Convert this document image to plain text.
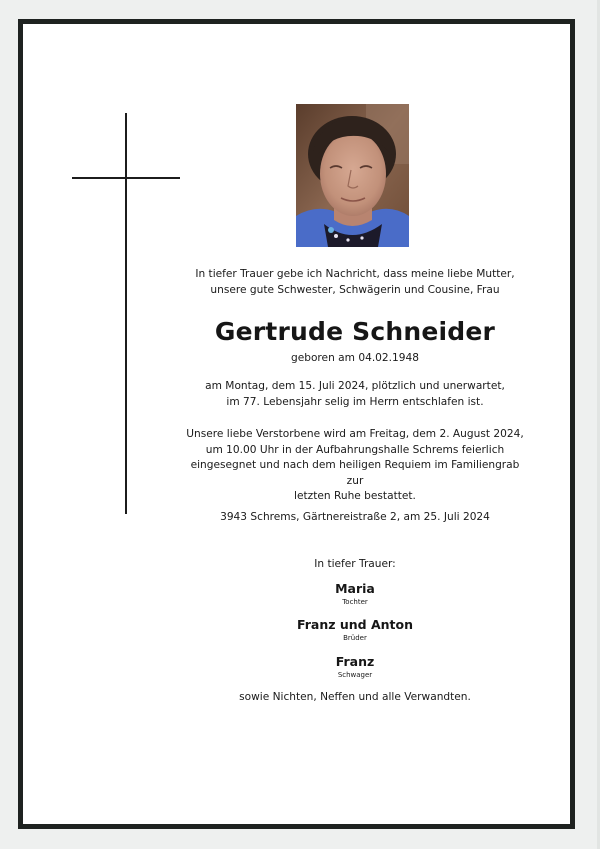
In tiefer Trauer gebe ich Nachricht, dass meine liebe Mutter,
unsere gute Schwester, Schwägerin und Cousine, Frau
Gertrude Schneider
geboren am 04.02.1948
am Montag, dem 15. Juli 2024, plötzlich und unerwartet,
im 77. Lebensjahr selig im Herrn entschlafen ist.
Unsere liebe Verstorbene wird am Freitag, dem 2. August 2024,
um 10.00 Uhr in der Aufbahrungshalle Schrems feierlich
eingesegnet und nach dem heiligen Requiem im Familiengrab zur
letzten Ruhe bestattet.
3943 Schrems, Gärtnereistraße 2, am 25. Juli 2024
In tiefer Trauer:
Maria
Tochter
Franz und Anton
Brüder
Franz
Schwager
sowie Nichten, Neffen und alle Verwandten.
